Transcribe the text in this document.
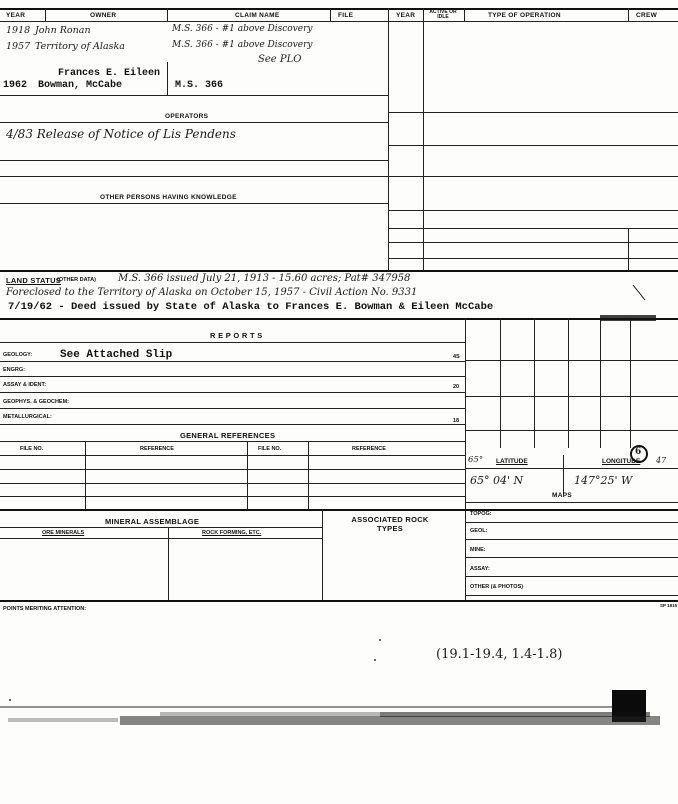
YEAR	OWNER	CLAIM NAME	FILE	YEAR	ACTIVE OR IDLE	TYPE OF OPERATION	CREW
1918 John Ronan	M.S. 366 - #1 above Discovery
1957 Territory of Alaska	M.S. 366 - #1 above Discovery
See PLO
Frances E. Eileen
1962 Bowman, McCabe	M.S. 366
OPERATORS
4/83 Release of Notice of Lis Pendens
OTHER PERSONS HAVING KNOWLEDGE
LAND STATUS
(OTHER DATA) M.S. 366 issued July 21, 1913 - 15.60 acres; Pat# 347958
Foreclosed to the Territory of Alaska on October 15, 1957 - Civil Action No. 9331
7/19/62 - Deed issued by State of Alaska to Frances E. Bowman & Eileen McCabe
R E P O R T S
GEOLOGY:	See Attached Slip	4S
ENGRG:
ASSAY & IDENT:	20
GEOPHYS. & GEOCHEM:
METALLURGICAL:
18
GENERAL REFERENCES
FILE NO.	REFERENCE	FILE NO.	REFERENCE
65° LATITUDE	LONGITUDE 47
6
65° 04' N	147°25' W
MAPS
TOPOG:
GEOL:
MINE:
ASSAY:
OTHER (& PHOTOS)
MINERAL ASSEMBLAGE
ORE MINERALS	ROCK FORMING, ETC.
ASSOCIATED ROCK TYPES
POINTS MERITING ATTENTION:
SP 1815
(19.1-19.4, 1.4-1.8)
